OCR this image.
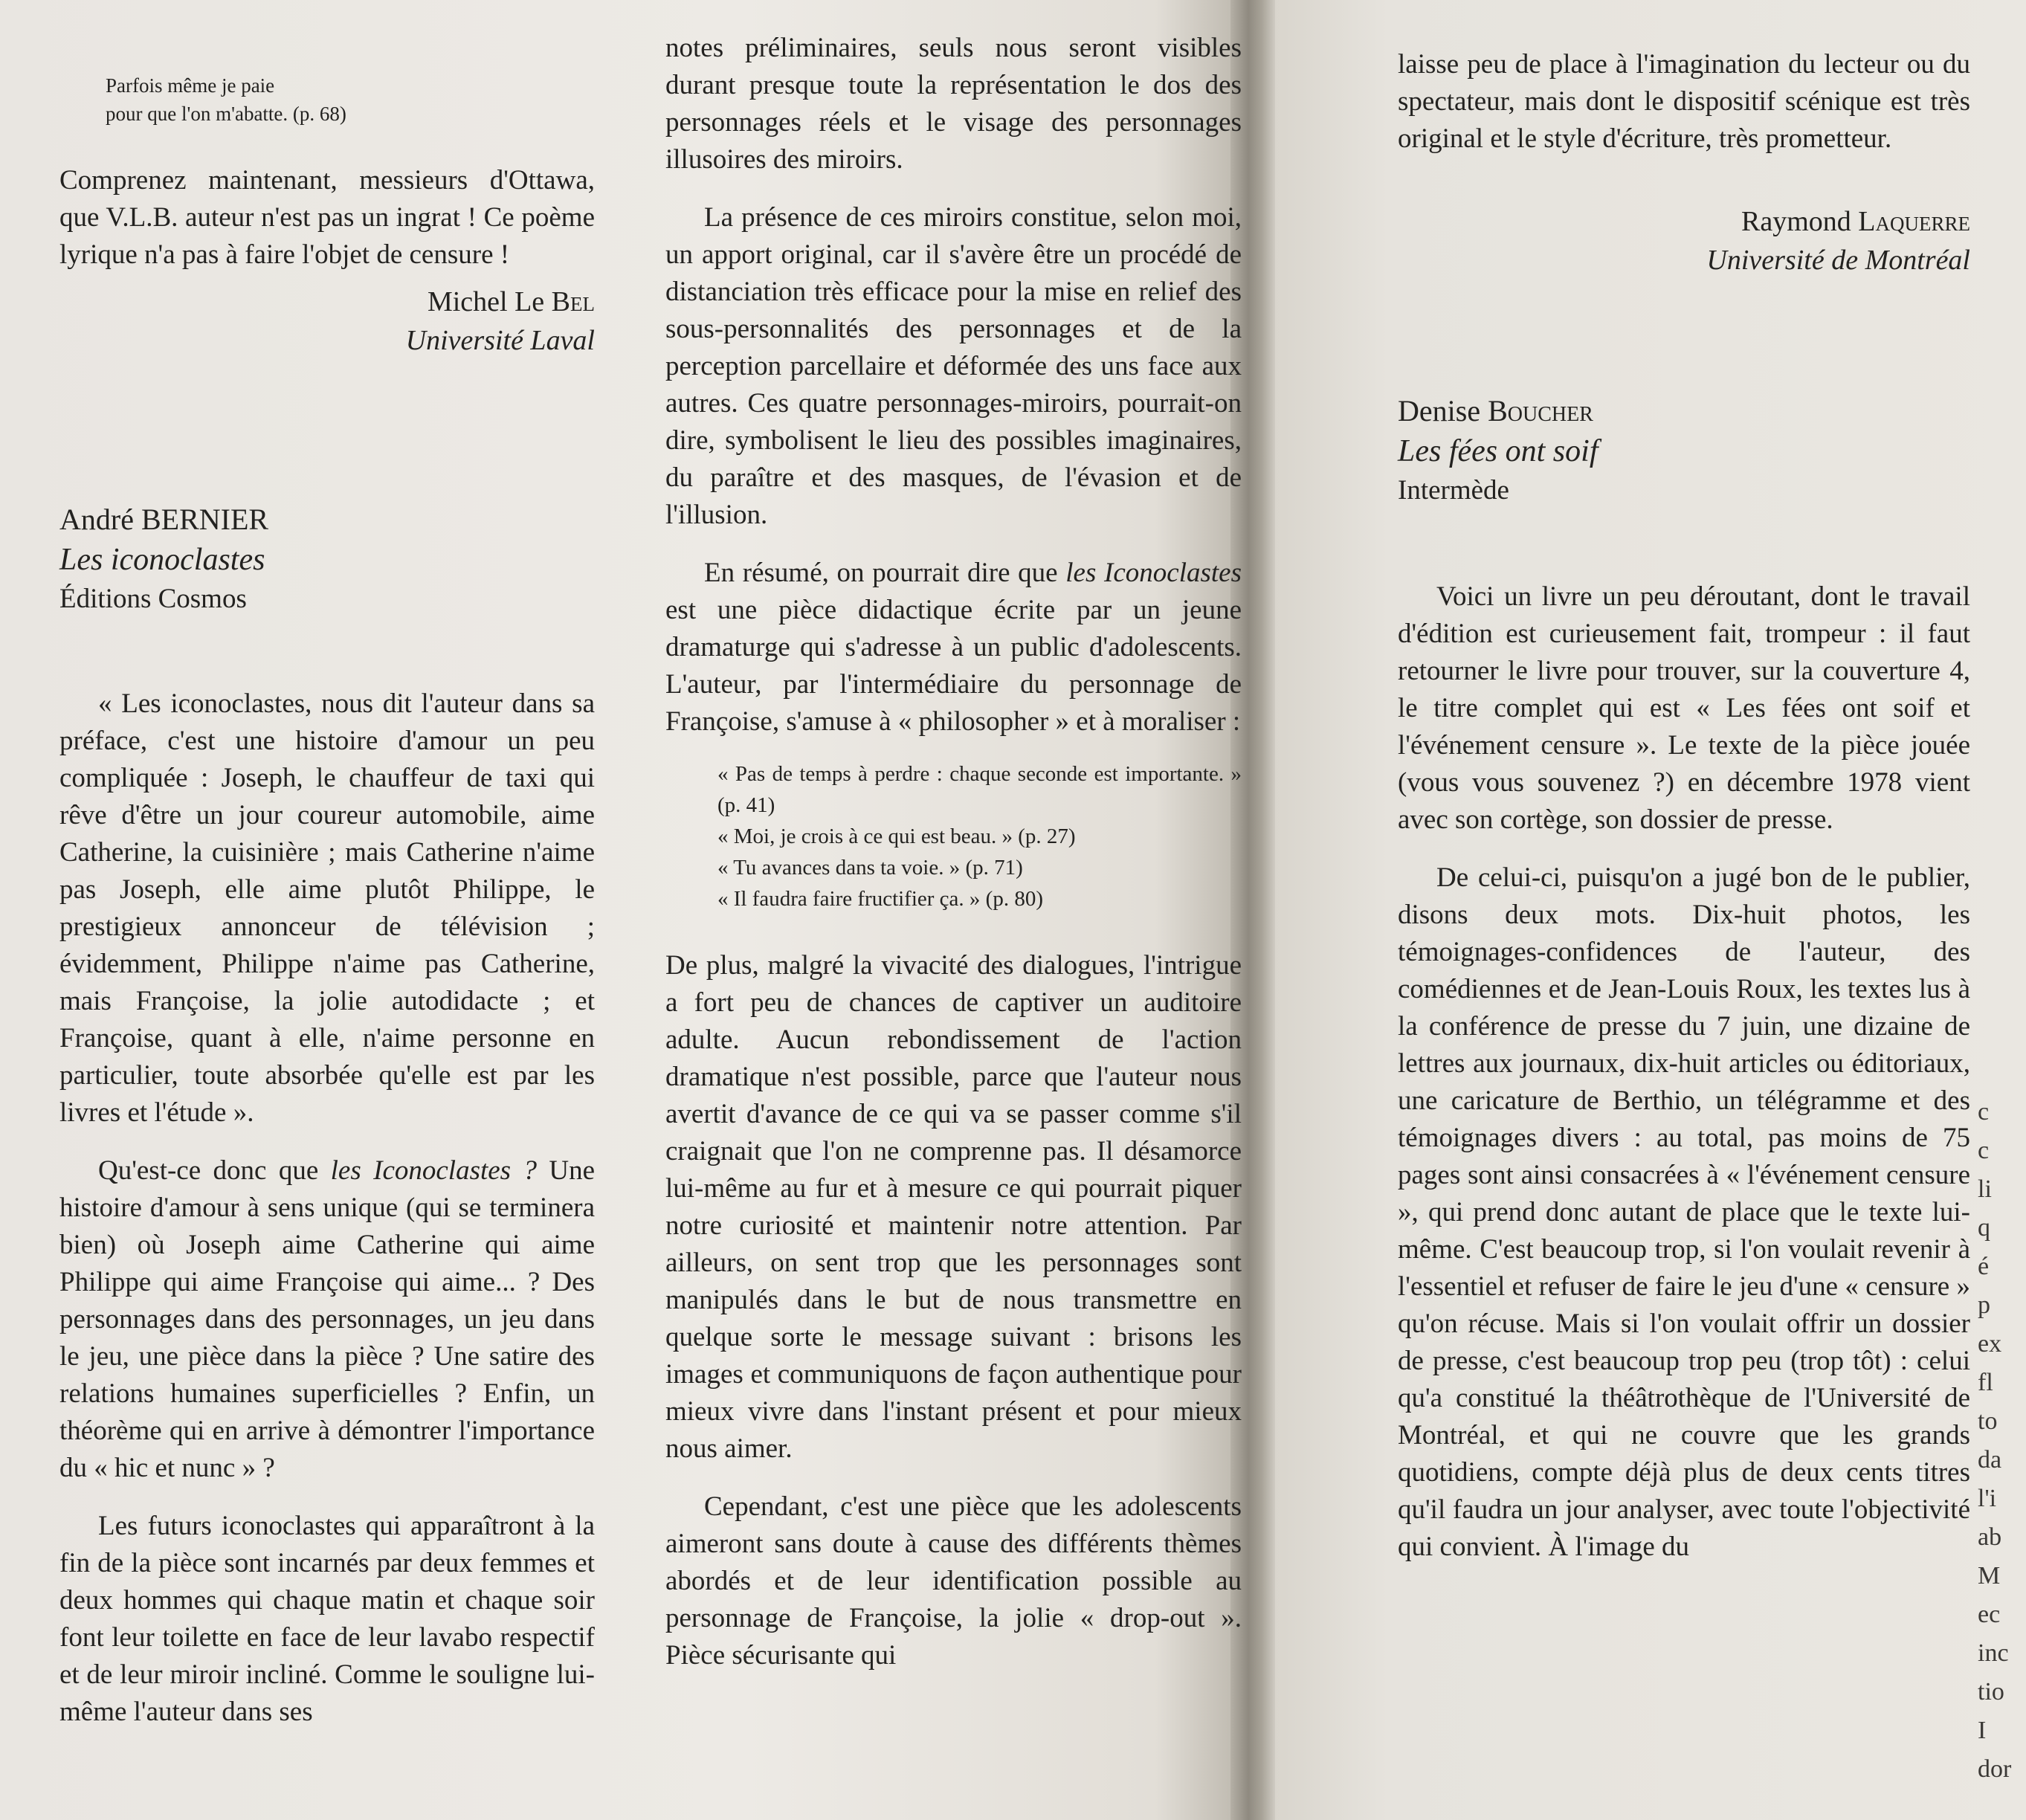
Parfois même je paie
pour que l'on m'abatte. (p. 68)

Comprenez maintenant, messieurs d'Ottawa, que V.L.B. auteur n'est pas un ingrat ! Ce poème lyrique n'a pas à faire l'objet de censure !

Michel Le Bel

Université Laval

André BERNIER
Les iconoclastes
Éditions Cosmos

« Les iconoclastes, nous dit l'auteur dans sa préface, c'est une histoire d'amour un peu compliquée : Joseph, le chauffeur de taxi qui rêve d'être un jour coureur automobile, aime Catherine, la cuisinière ; mais Catherine n'aime pas Joseph, elle aime plutôt Philippe, le prestigieux annonceur de télévision ; évidemment, Philippe n'aime pas Catherine, mais Françoise, la jolie autodidacte ; et Françoise, quant à elle, n'aime personne en particulier, toute absorbée qu'elle est par les livres et l'étude ».

Qu'est-ce donc que les Iconoclastes ? Une histoire d'amour à sens unique (qui se terminera bien) où Joseph aime Catherine qui aime Philippe qui aime Françoise qui aime... ? Des personnages dans des personnages, un jeu dans le jeu, une pièce dans la pièce ? Une satire des relations humaines superficielles ? Enfin, un théorème qui en arrive à démontrer l'importance du « hic et nunc » ?

Les futurs iconoclastes qui apparaîtront à la fin de la pièce sont incarnés par deux femmes et deux hommes qui chaque matin et chaque soir font leur toilette en face de leur lavabo respectif et de leur miroir incliné. Comme le souligne lui-même l'auteur dans ses

notes préliminaires, seuls nous seront visibles durant presque toute la représentation le dos des personnages réels et le visage des personnages illusoires des miroirs.

La présence de ces miroirs constitue, selon moi, un apport original, car il s'avère être un procédé de distanciation très efficace pour la mise en relief des sous-personnalités des personnages et de la perception parcellaire et déformée des uns face aux autres. Ces quatre personnages-miroirs, pourrait-on dire, symbolisent le lieu des possibles imaginaires, du paraître et des masques, de l'évasion et de l'illusion.

En résumé, on pourrait dire que les Iconoclastes est une pièce didactique écrite par un jeune dramaturge qui s'adresse à un public d'adolescents. L'auteur, par l'intermédiaire du personnage de Françoise, s'amuse à « philosopher » et à moraliser :

« Pas de temps à perdre : chaque seconde est importante. » (p. 41)

« Moi, je crois à ce qui est beau. » (p. 27)

« Tu avances dans ta voie. » (p. 71)

« Il faudra faire fructifier ça. » (p. 80)

De plus, malgré la vivacité des dialogues, l'intrigue a fort peu de chances de captiver un auditoire adulte. Aucun rebondissement de l'action dramatique n'est possible, parce que l'auteur nous avertit d'avance de ce qui va se passer comme s'il craignait que l'on ne comprenne pas. Il désamorce lui-même au fur et à mesure ce qui pourrait piquer notre curiosité et maintenir notre attention. Par ailleurs, on sent trop que les personnages sont manipulés dans le but de nous transmettre en quelque sorte le message suivant : brisons les images et communiquons de façon authentique pour mieux vivre dans l'instant présent et pour mieux nous aimer.

Cependant, c'est une pièce que les adolescents aimeront sans doute à cause des différents thèmes abordés et de leur identification possible au personnage de Françoise, la jolie « drop-out ». Pièce sécurisante qui

laisse peu de place à l'imagination du lecteur ou du spectateur, mais dont le dispositif scénique est très original et le style d'écriture, très prometteur.

Raymond Laquerre

Université de Montréal

Denise Boucher
Les fées ont soif
Intermède

Voici un livre un peu déroutant, dont le travail d'édition est curieusement fait, trompeur : il faut retourner le livre pour trouver, sur la couverture 4, le titre complet qui est « Les fées ont soif et l'événement censure ». Le texte de la pièce jouée (vous vous souvenez ?) en décembre 1978 vient avec son cortège, son dossier de presse.

De celui-ci, puisqu'on a jugé bon de le publier, disons deux mots. Dix-huit photos, les témoignages-confidences de l'auteur, des comédiennes et de Jean-Louis Roux, les textes lus à la conférence de presse du 7 juin, une dizaine de lettres aux journaux, dix-huit articles ou éditoriaux, une caricature de Berthio, un télégramme et des témoignages divers : au total, pas moins de 75 pages sont ainsi consacrées à « l'événement censure », qui prend donc autant de place que le texte lui-même. C'est beaucoup trop, si l'on voulait revenir à l'essentiel et refuser de faire le jeu d'une « censure » qu'on récuse. Mais si l'on voulait offrir un dossier de presse, c'est beaucoup trop peu (trop tôt) : celui qu'a constitué la théâtrothèque de l'Université de Montréal, et qui ne couvre que les grands quotidiens, compte déjà plus de deux cents titres qu'il faudra un jour analyser, avec toute l'objectivité qui convient. À l'image du

c
c
li
q
é
p
ex
fl
to
da
l'i
ab
M
ec
inc
tio
I
dor
